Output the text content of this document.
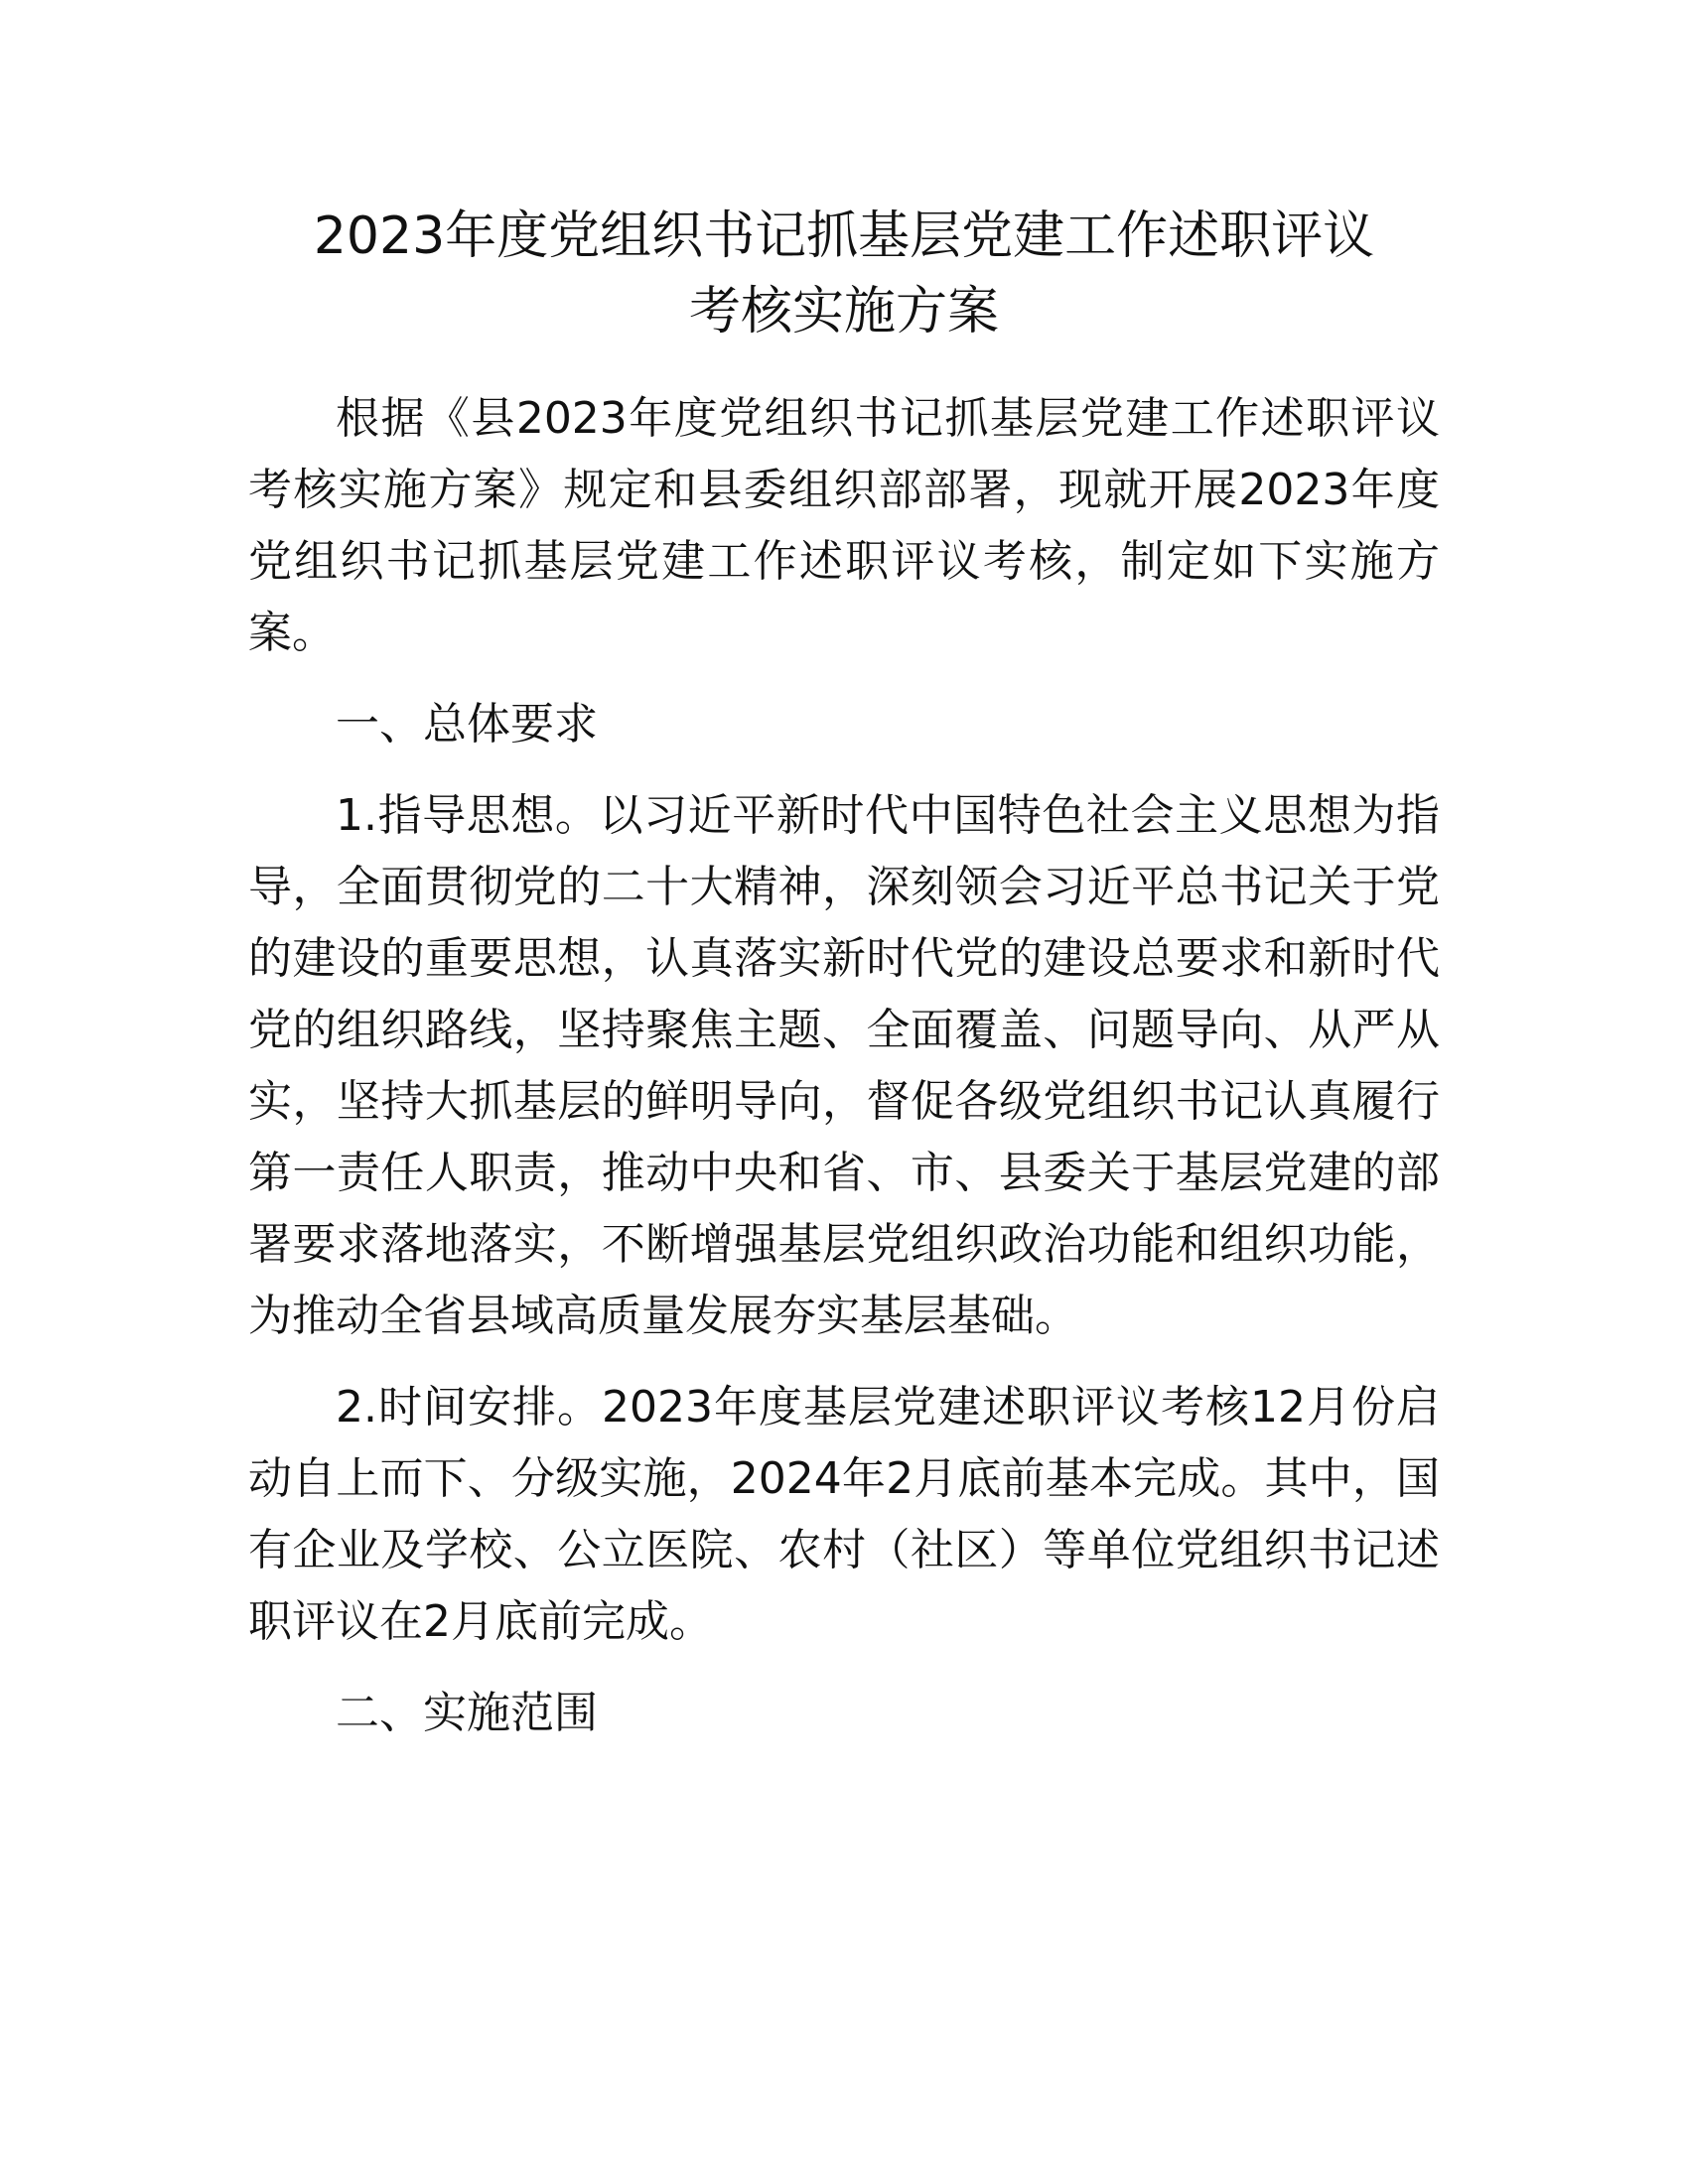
2023年度党组织书记抓基层党建工作述职评议
考核实施方案

根据《县2023年度党组织书记抓基层党建工作述职评议考核实施方案》规定和县委组织部部署，现就开展2023年度党组织书记抓基层党建工作述职评议考核，制定如下实施方案。

一、总体要求

1.指导思想。以习近平新时代中国特色社会主义思想为指导，全面贯彻党的二十大精神，深刻领会习近平总书记关于党的建设的重要思想，认真落实新时代党的建设总要求和新时代党的组织路线，坚持聚焦主题、全面覆盖、问题导向、从严从实，坚持大抓基层的鲜明导向，督促各级党组织书记认真履行第一责任人职责，推动中央和省、市、县委关于基层党建的部署要求落地落实，不断增强基层党组织政治功能和组织功能，为推动全省县域高质量发展夯实基层基础。

2.时间安排。2023年度基层党建述职评议考核12月份启动自上而下、分级实施，2024年2月底前基本完成。其中，国有企业及学校、公立医院、农村（社区）等单位党组织书记述职评议在2月底前完成。

二、实施范围
